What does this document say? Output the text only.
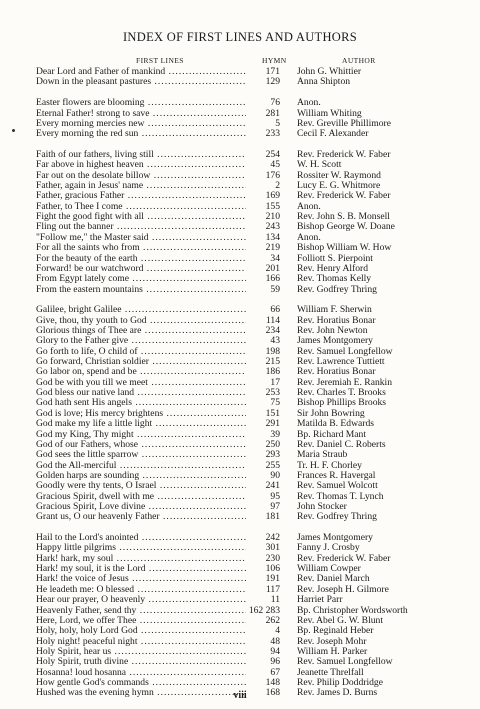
INDEX OF FIRST LINES AND AUTHORS
FIRST LINES	HYMN	AUTHOR
Dear Lord and Father of mankind .....	171 John G. Whittier
Down in the pleasant pastures .....	129 Anna Shipton
Easter flowers are blooming .....	76 Anon.
Eternal Father! strong to save .....	281 William Whiting
Every morning mercies new .....	5 Rev. Greville Phillimore
Every morning the red sun .....	233 Cecil F. Alexander
Faith of our fathers, living still .....	254 Rev. Frederick W. Faber
Far above in highest heaven .....	45 W. H. Scott
Far out on the desolate billow .....	176 Rossiter W. Raymond
Father, again in Jesus' name .....	2 Lucy E. G. Whitmore
Father, gracious Father .....	169 Rev. Frederick W. Faber
Father, to Thee I come .....	155 Anon.
Fight the good fight with all .....	210 Rev. John S. B. Monsell
Fling out the banner .....	243 Bishop George W. Doane
"Follow me," the Master said .....	134 Anon.
For all the saints who from .....	219 Bishop William W. How
For the beauty of the earth .....	34 Folliott S. Pierpoint
Forward! be our watchword .....	201 Rev. Henry Alford
From Egypt lately come .....	166 Rev. Thomas Kelly
From the eastern mountains .....	59 Rev. Godfrey Thring
Galilee, bright Galilee .....	66 William F. Sherwin
Give, thou, thy youth to God .....	114 Rev. Horatius Bonar
Glorious things of Thee are .....	234 Rev. John Newton
Glory to the Father give .....	43 James Montgomery
Go forth to life, O child of .....	198 Rev. Samuel Longfellow
Go forward, Christian soldier .....	215 Rev. Lawrence Tuttiett
Go labor on, spend and be .....	186 Rev. Horatius Bonar
God be with you till we meet .....	17 Rev. Jeremiah E. Rankin
God bless our native land .....	253 Rev. Charles T. Brooks
God hath sent His angels .....	75 Bishop Phillips Brooks
God is love; His mercy brightens .....	151 Sir John Bowring
God make my life a little light .....	291 Matilda B. Edwards
God my King, Thy might .....	39 Bp. Richard Mant
God of our Fathers, whose .....	250 Rev. Daniel C. Roberts
God sees the little sparrow .....	293 Maria Straub
God the All-merciful .....	255 Tr. H. F. Chorley
Golden harps are sounding .....	90 Frances R. Havergal
Goodly were thy tents, O Israel .....	241 Rev. Samuel Wolcott
Gracious Spirit, dwell with me .....	95 Rev. Thomas T. Lynch
Gracious Spirit, Love divine .....	97 John Stocker
Grant us, O our heavenly Father .....	181 Rev. Godfrey Thring
Hail to the Lord's anointed .....	242 James Montgomery
Happy little pilgrims .....	301 Fanny J. Crosby
Hark! hark, my soul .....	230 Rev. Frederick W. Faber
Hark! my soul, it is the Lord .....	106 William Cowper
Hark! the voice of Jesus .....	191 Rev. Daniel March
He leadeth me: O blessed .....	117 Rev. Joseph H. Gilmore
Hear our prayer, O heavenly .....	11 Harriet Parr
Heavenly Father, send thy .....	162 283 Bp. Christopher Wordsworth
Here, Lord, we offer Thee .....	262 Rev. Abel G. W. Blunt
Holy, holy, holy Lord God .....	4 Bp. Reginald Heber
Holy night! peaceful night .....	48 Rev. Joseph Mohr
Holy Spirit, hear us .....	94 William H. Parker
Holy Spirit, truth divine .....	96 Rev. Samuel Longfellow
Hosanna! loud hosanna .....	67 Jeanette Threlfall
How gentle God's commands .....	148 Rev. Philip Doddridge
Hushed was the evening hymn .....	168 Rev. James D. Burns
viii
